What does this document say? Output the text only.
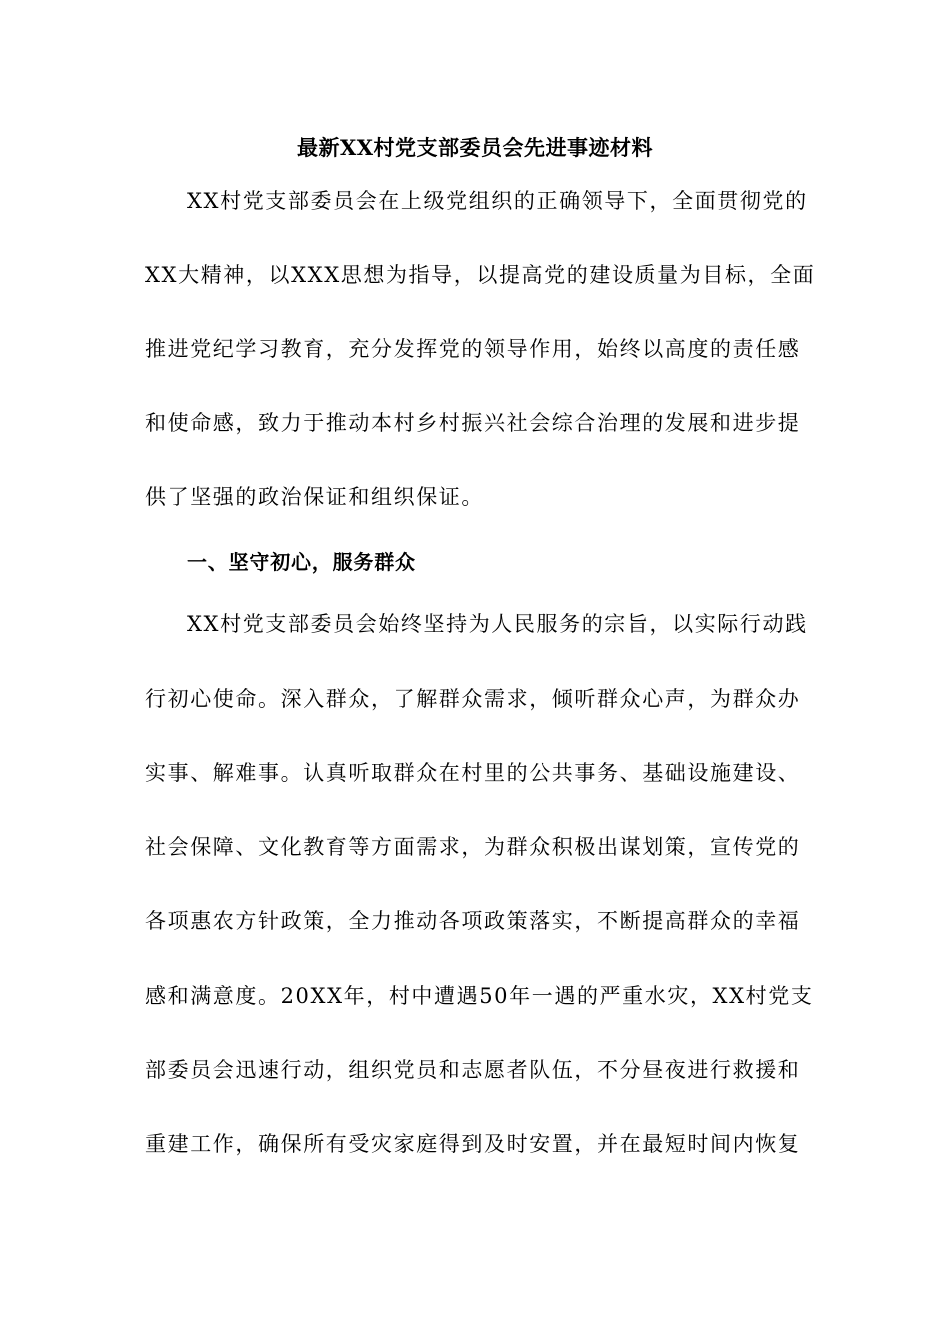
最新XX村党支部委员会先进事迹材料
XX村党支部委员会在上级党组织的正确领导下，全面贯彻党的
XX大精神，以XXX思想为指导，以提高党的建设质量为目标，全面
推进党纪学习教育，充分发挥党的领导作用，始终以高度的责任感
和使命感，致力于推动本村乡村振兴社会综合治理的发展和进步提
供了坚强的政治保证和组织保证。
一、坚守初心，服务群众
XX村党支部委员会始终坚持为人民服务的宗旨，以实际行动践
行初心使命。深入群众，了解群众需求，倾听群众心声，为群众办
实事、解难事。认真听取群众在村里的公共事务、基础设施建设、
社会保障、文化教育等方面需求，为群众积极出谋划策，宣传党的
各项惠农方针政策，全力推动各项政策落实，不断提高群众的幸福
感和满意度。20XX年，村中遭遇50年一遇的严重水灾，XX村党支
部委员会迅速行动，组织党员和志愿者队伍，不分昼夜进行救援和
重建工作，确保所有受灾家庭得到及时安置，并在最短时间内恢复
